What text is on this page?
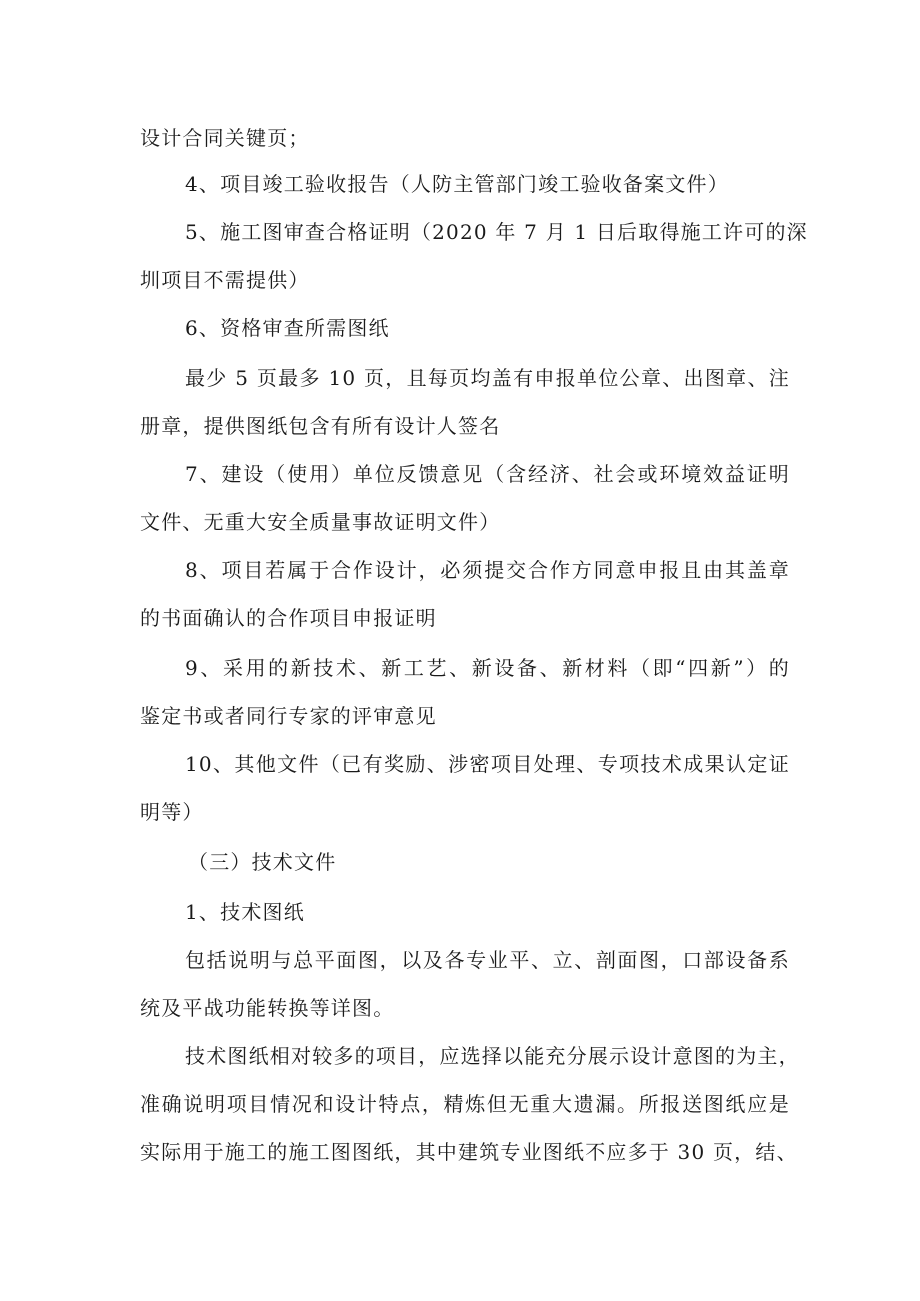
设计合同关键页；
4、项目竣工验收报告（人防主管部门竣工验收备案文件）
5、施工图审查合格证明（2020 年 7 月 1 日后取得施工许可的深
圳项目不需提供）
6、资格审查所需图纸
最少 5 页最多 10 页，且每页均盖有申报单位公章、出图章、注
册章，提供图纸包含有所有设计人签名
7、建设（使用）单位反馈意见（含经济、社会或环境效益证明
文件、无重大安全质量事故证明文件）
8、项目若属于合作设计，必须提交合作方同意申报且由其盖章
的书面确认的合作项目申报证明
9、采用的新技术、新工艺、新设备、新材料（即“四新”）的
鉴定书或者同行专家的评审意见
10、其他文件（已有奖励、涉密项目处理、专项技术成果认定证
明等）
（三）技术文件
1、技术图纸
包括说明与总平面图，以及各专业平、立、剖面图，口部设备系
统及平战功能转换等详图。
技术图纸相对较多的项目，应选择以能充分展示设计意图的为主，
准确说明项目情况和设计特点，精炼但无重大遗漏。所报送图纸应是
实际用于施工的施工图图纸，其中建筑专业图纸不应多于 30 页，结、
